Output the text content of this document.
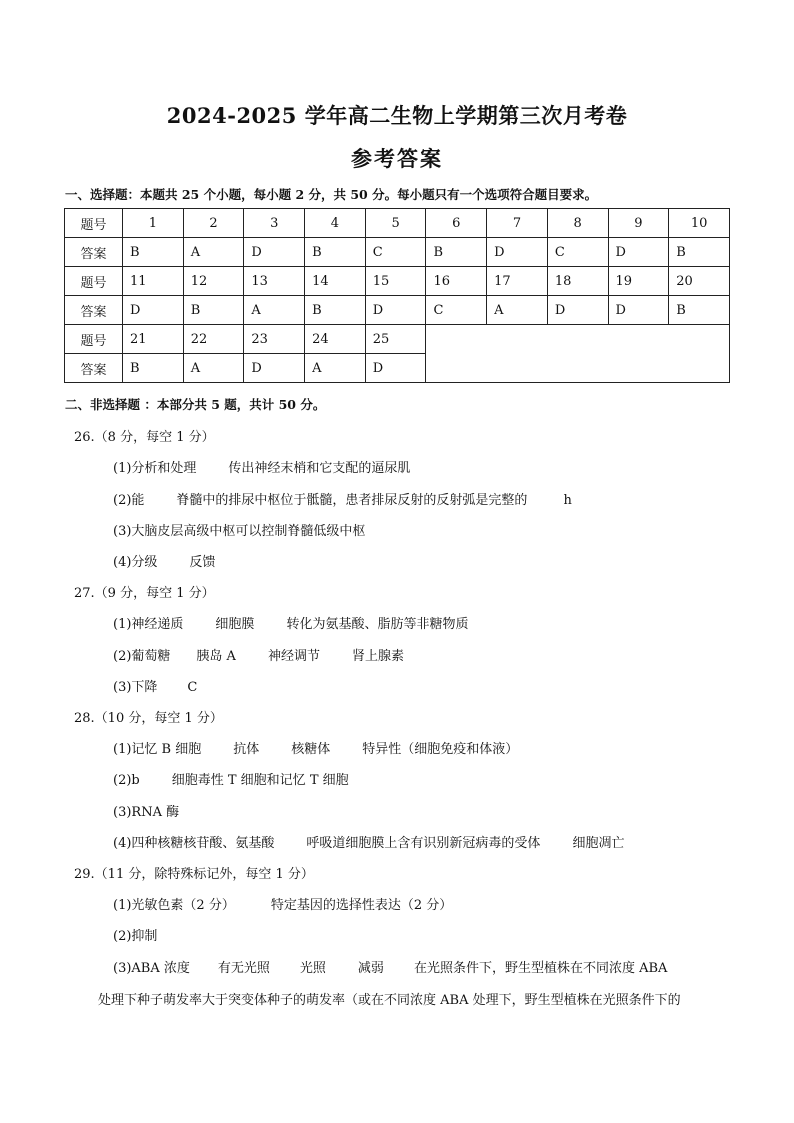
2024-2025 学年高二生物上学期第三次月考卷
参考答案
一、选择题：本题共 25 个小题，每小题 2 分，共 50 分。每小题只有一个选项符合题目要求。
题号	1	2	3	4	5	6	7	8	9	10
答案	B	A	D	B	C	B	D	C	D	B
题号	11	12	13	14	15	16	17	18	19	20
答案	D	B	A	B	D	C	A	D	D	B
题号	21	22	23	24	25					
答案	B	A	D	A	D					
二、非选择题 ：本部分共 5 题，共计 50 分。
26.（8 分，每空 1 分）
(1)分析和处理 传出神经末梢和它支配的逼尿肌
(2)能 脊髓中的排尿中枢位于骶髓，患者排尿反射的反射弧是完整的	h
(3)大脑皮层高级中枢可以控制脊髓低级中枢
(4)分级 反馈
27.（9 分，每空 1 分）
(1)神经递质 细胞膜 转化为氨基酸、脂肪等非糖物质
(2)葡萄糖 胰岛 A 神经调节 肾上腺素
(3)下降 C
28.（10 分，每空 1 分）
(1)记忆 B 细胞 抗体 核糖体 特异性（细胞免疫和体液）
(2)b 细胞毒性 T 细胞和记忆 T 细胞
(3)RNA 酶
(4)四种核糖核苷酸、氨基酸 呼吸道细胞膜上含有识别新冠病毒的受体 细胞凋亡
29.（11 分，除特殊标记外，每空 1 分）
(1)光敏色素（2 分）	特定基因的选择性表达（2 分）
(2)抑制
(3)ABA 浓度 有无光照 光照 减弱 在光照条件下，野生型植株在不同浓度 ABA
处理下种子萌发率大于突变体种子的萌发率（或在不同浓度 ABA 处理下，野生型植株在光照条件下的
